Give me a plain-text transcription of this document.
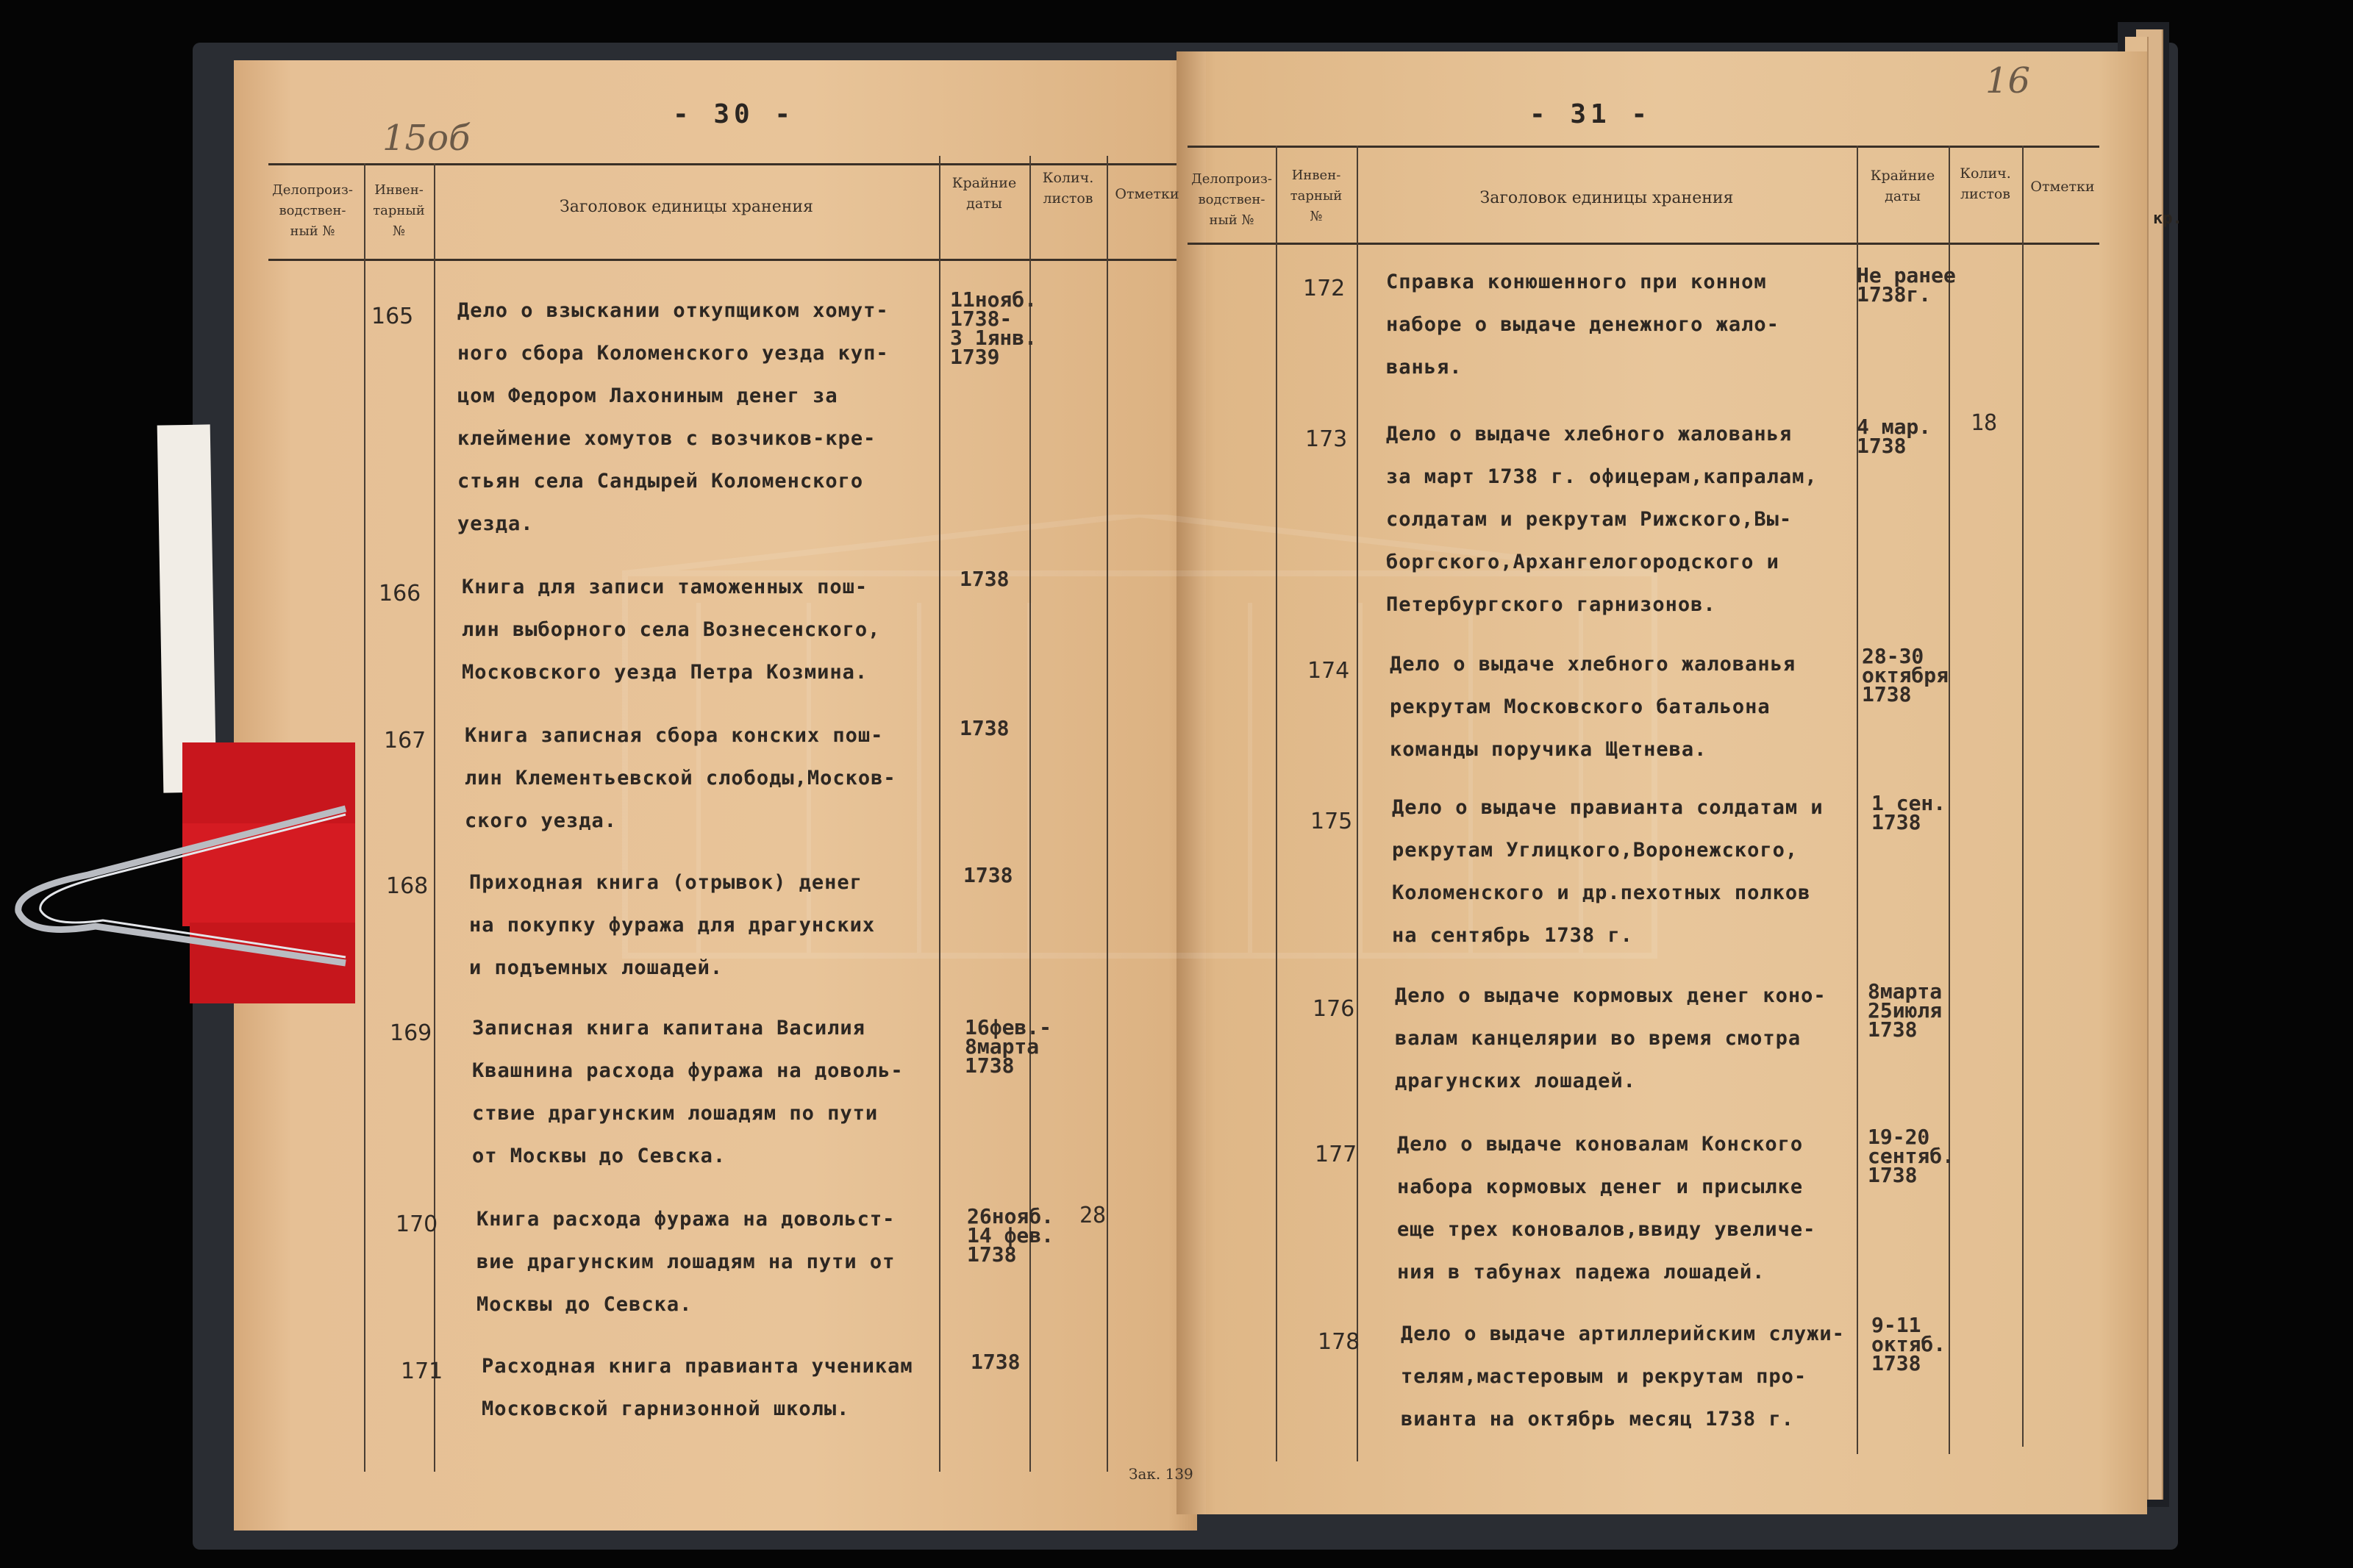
- 30 -
15об
Делопроиз-
водствен-
ный №
Инвен-
тарный
№
Заголовок единицы хранения
Крайние
даты
Колич.
листов	Отметки
165 Дело о взыскании откупщиком хомут-
ного сбора Коломенского уезда куп-
цом Федором Лахониным денег за
клеймение хомутов с возчиков-кре-
стьян села Сандырей Коломенского
уезда.
11нояб.
1738-
3 1янв.
1739
166 Книга для записи таможенных пош-
лин выборного села Вознесенского,
Московского уезда Петра Козмина.
1738
167 Книга записная сбора конских пош-
лин Клементьевской слободы,Москов-
ского уезда.
1738
168 Приходная книга (отрывок) денег
на покупку фуража для драгунских
и подъемных лошадей.
1738
169 Записная книга капитана Василия
Квашнина расхода фуража на доволь-
ствие драгунским лошадям по пути
от Москвы до Севска.
16фев.-
8марта
1738
170 Книга расхода фуража на довольст-
вие драгунским лошадям на пути от
Москвы до Севска.
26нояб.
14 фев.
1738
28
171 Расходная книга правианта ученикам
Московской гарнизонной школы.
1738
Зак. 139
- 31 -
16
Делопроиз-
водствен-
ный №
Инвен-
тарный
№
Заголовок единицы хранения
Крайние
даты
Колич.
листов	Отметки
172 Справка конюшенного при конном
наборе о выдаче денежного жало-
ванья.
Не ранее
1738г.
173 Дело о выдаче хлебного жалованья
за март 1738 г. офицерам,капралам,
солдатам и рекрутам Рижского,Вы-
боргского,Архангелогородского и
Петербургского гарнизонов.
4 мар.
1738
18
174 Дело о выдаче хлебного жалованья
рекрутам Московского батальона
команды поручика Щетнева.
28-30
октября
1738
175
Дело о выдаче правианта солдатам и
рекрутам Углицкого,Воронежского,
Коломенского и др.пехотных полков
на сентябрь 1738 г.
1 сен.
1738
176
Дело о выдаче кормовых денег коно-
валам канцелярии во время смотра
драгунских лошадей.
8марта
25июля
1738
177 Дело о выдаче коновалам Конского
набора кормовых денег и присылке
еще трех коновалов,ввиду увеличе-
ния в табунах падежа лошадей.
19-20
сентяб.
1738
178 Дело о выдаче артиллерийским служи-
телям,мастеровым и рекрутам про-
вианта на октябрь месяц 1738 г.
9-11
октяб.
1738
кр.
